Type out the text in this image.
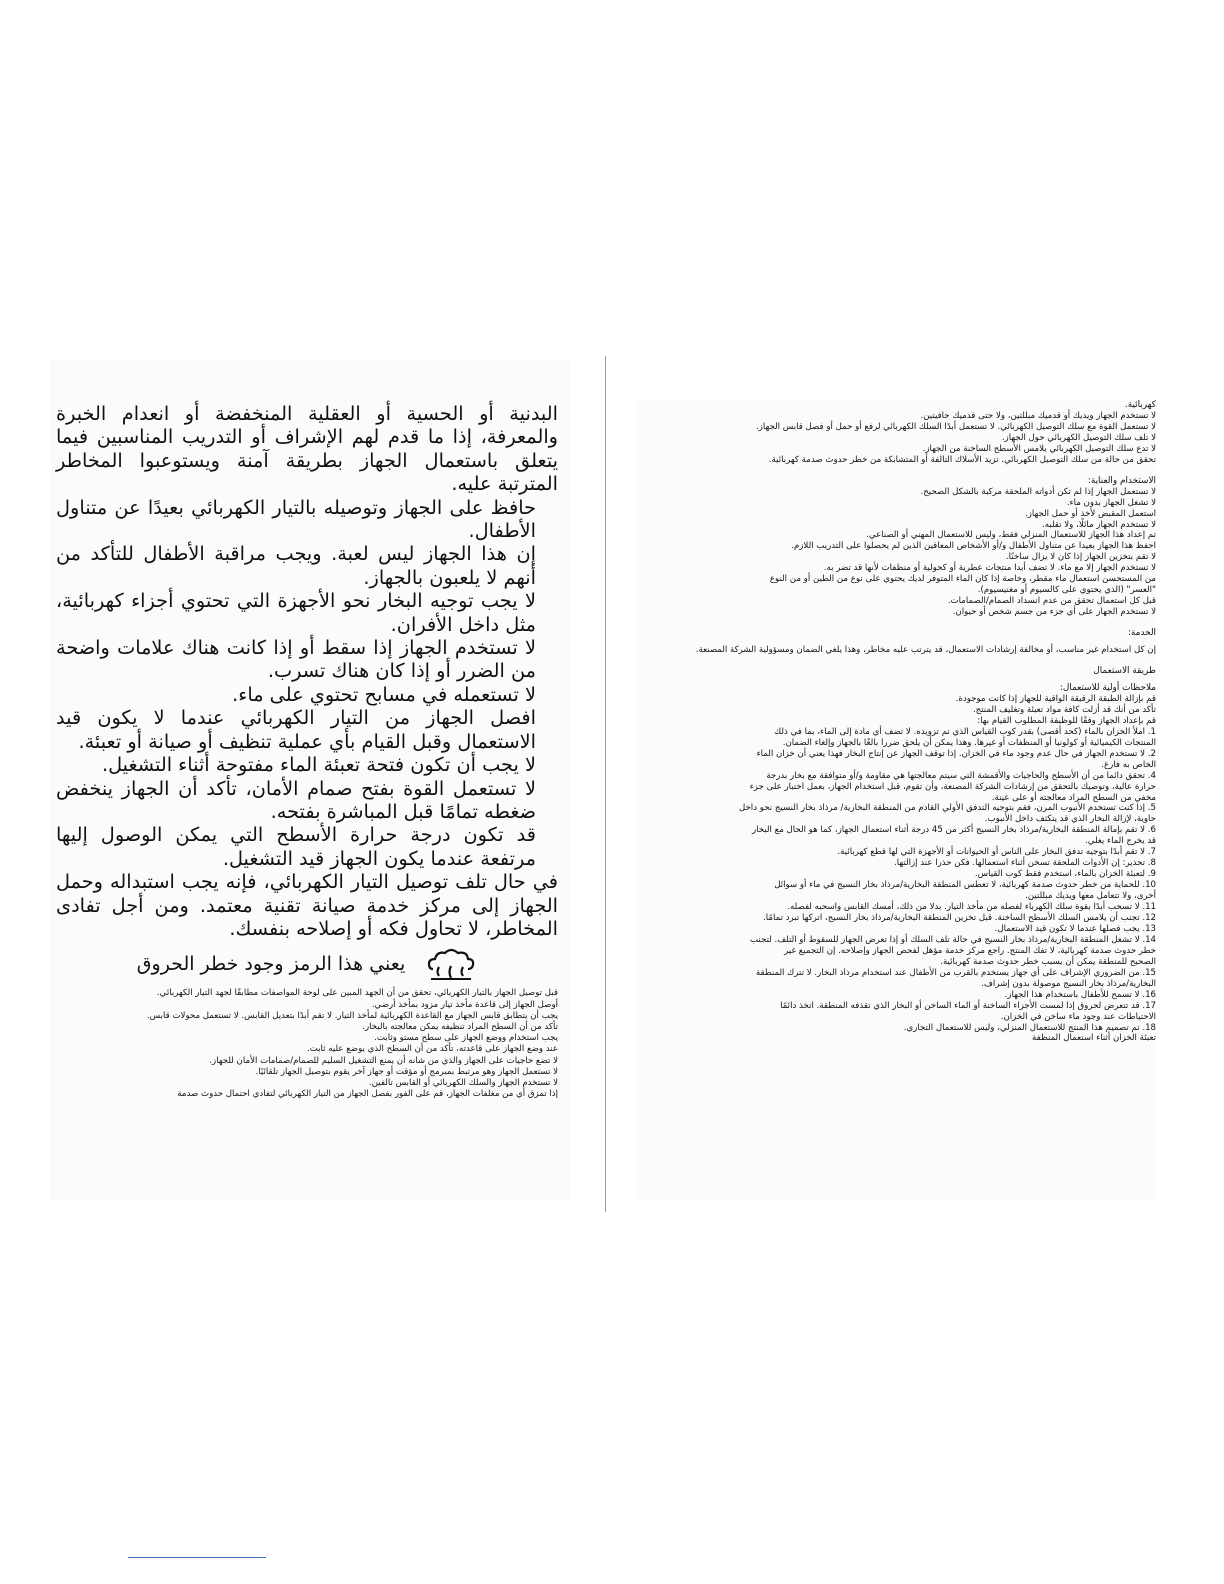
البدنية أو الحسية أو العقلية المنخفضة أو انعدام الخبرة والمعرفة، إذا ما قدم لهم الإشراف أو التدريب المناسبين فيما يتعلق باستعمال الجهاز بطريقة آمنة ويستوعبوا المخاطر المترتبة عليه.

حافظ على الجهاز وتوصيله بالتيار الكهربائي بعيدًا عن متناول الأطفال.

إن هذا الجهاز ليس لعبة. ويجب مراقبة الأطفال للتأكد من أنهم لا يلعبون بالجهاز.

لا يجب توجيه البخار نحو الأجهزة التي تحتوي أجزاء كهربائية، مثل داخل الأفران.

لا تستخدم الجهاز إذا سقط أو إذا كانت هناك علامات واضحة من الضرر أو إذا كان هناك تسرب.

لا تستعمله في مسابح تحتوي على ماء.

افصل الجهاز من التيار الكهربائي عندما لا يكون قيد الاستعمال وقبل القيام بأي عملية تنظيف أو صيانة أو تعبئة.

لا يجب أن تكون فتحة تعبئة الماء مفتوحة أثناء التشغيل.

لا تستعمل القوة بفتح صمام الأمان، تأكد أن الجهاز ينخفض ضغطه تمامًا قبل المباشرة بفتحه.

قد تكون درجة حرارة الأسطح التي يمكن الوصول إليها مرتفعة عندما يكون الجهاز قيد التشغيل.

في حال تلف توصيل التيار الكهربائي، فإنه يجب استبداله وحمل الجهاز إلى مركز خدمة صيانة تقنية معتمد. ومن أجل تفادى المخاطر، لا تحاول فكه أو إصلاحه بنفسك.

يعني هذا الرمز وجود خطر الحروق

قبل توصيل الجهاز بالتيار الكهربائي، تحقق من أن الجهد المبين على لوحة المواصفات مطابقًا لجهد التيار الكهربائي.

أوصل الجهاز إلى قاعدة مأخذ تيار مزود بمأخذ أرضي.

يجب أن يتطابق قابس الجهاز مع القاعدة الكهربائية لمأخذ التيار. لا تقم أبدًا بتعديل القابس. لا تستعمل محولات قابس.

تأكد من أن السطح المراد تنظيفه يمكن معالجته بالبخار.

يجب استخدام ووضع الجهاز على سطح مستو وثابت.

عند وضع الجهاز على قاعدته، تأكد من أن السطح الذي يوضع عليه ثابت.

لا تضع حاجيات على الجهاز والذي من شانه أن يمنع التشغيل السليم للصمام/صمامات الأمان للجهاز.

لا تستعمل الجهاز وهو مرتبط بمبرمج أو مؤقت أو جهاز آخر يقوم بتوصيل الجهاز تلقائيًا.

لا تستخدم الجهاز والسلك الكهربائي أو القابس تالفين.

إذا تمزق أي من مغلفات الجهاز، قم على الفور بفصل الجهاز من التيار الكهربائي لتفادي احتمال حدوث صدمة

كهربائية.

لا تستخدم الجهاز ويديك أو قدميك مبللتين، ولا حتى قدميك حافيتين.

لا تستعمل القوة مع سلك التوصيل الكهربائي. لا تستعمل أبدًا السلك الكهربائي لرفع أو حمل أو فصل قابس الجهاز.

لا تلف سلك التوصيل الكهربائي حول الجهاز.

لا تدع سلك التوصيل الكهربائي يلامس الأسطح الساخنة من الجهاز.

تحقق من حالة من سلك التوصيل الكهربائي. تزيد الأسلاك التالفة أو المتشابكة من خطر حدوث صدمة كهربائية.

الاستخدام والعناية:

لا تستعمل الجهاز إذا لم تكن أدواته الملحقة مركبة بالشكل الصحيح.

لا تشغل الجهاز بدون ماء.

استعمل المقبض لأخذ أو حمل الجهاز.

لا تستخدم الجهاز مائلًا، ولا تقلبه.

تم إعداد هذا الجهاز للاستعمال المنزلي فقط، وليس للاستعمال المهني أو الصناعي.

احفظ هذا الجهاز بعيدا عن متناول الأطفال و/أو الأشخاص المعاقين الذين لم يحصلوا على التدريب اللازم.

لا تقم بتخزين الجهاز إذا كان لا يزال ساخنًا.

لا تستخدم الجهاز إلا مع ماء. لا تضف أبدا منتجات عطرية أو كحولية أو منظفات لأنها قد تضر به.

من المستحسن استعمال ماء مقطر، وخاصة إذا كان الماء المتوفر لديك يحتوي على نوع من الطين أو من النوع

"العسر" (الذي يحتوي على كالسيوم أو مغنيسيوم).

قبل كل استعمال تحقق من عدم انسداد الصمام/الصمامات.

لا تستخدم الجهاز على أي جزء من جسم شخص أو حيوان.

الخدمة:

إن كل استخدام غير مناسب، أو مخالفة إرشادات الاستعمال، قد يترتب عليه مخاطر، وهذا يلغي الضمان ومسؤولية الشركة المصنعة.

طريقة الاستعمال

ملاحظات أولية للاستعمال:

قم بإزالة الطبقة الرقيقة الواقية للجهاز إذا كانت موجودة.

تأكد من أنك قد أزلت كافة مواد تعبئة وتغليف المنتج.

قم بإعداد الجهاز وفقًا للوظيفة المطلوب القيام بها:

1. املأ الخزان بالماء (كحد أقصى) بقدر كوب القياس الذي تم تزويده. لا تضف أي مادة إلى الماء، بما في ذلك

المنتجات الكيميائية أو كولونيا أو المنظفات أو غيرها. وهذا يمكن أن يلحق ضررا بالغًا بالجهاز وإلغاء الضمان.

2. لا تستخدم الجهاز في حال عدم وجود ماء في الخزان. إذا توقف الجهاز عن إنتاج البخار فهذا يعني أن خزان الماء

الخاص به فارغ.

4. تحقق دائما من أن الأسطح والحاجيات والأقمشة التي سيتم معالجتها هي مقاومة و/أو متوافقة مع بخار بدرجة

حرارة عالية، وتوصيك بالتحقق من إرشادات الشركة المصنعة، وأن تقوم، قبل استخدام الجهاز، بعمل اختبار على جزء

مخفي من السطح المراد معالجته أو على عينة.

5. إذا كنت تستخدم الأنبوب المرن، فقم بتوجيه التدفق الأولي القادم من المنطقة البخارية/ مرذاذ بخار النسيج نحو داخل

حاوية، لإزالة البخار الذي قد يتكثف داخل الأنبوب.

6. لا تقم بإمالة المنطقة البخارية/مرذاذ بخار النسيج أكثر من 45 درجة أثناء استعمال الجهاز، كما هو الحال مع البخار

قد يخرج الماء يغلي.

7. لا تقم أبدًا بتوجيه تدفق البخار على الناس أو الحيوانات أو الأجهزة التي لها قطع كهربائية.

8. تحذير: إن الأدوات الملحقة تسخن أثناء استعمالها. فكن حذرا عند إزالتها.

9. لتعبئة الخزان بالماء، استخدم فقط كوب القياس.

10. للحماية من خطر حدوث صدمة كهربائية، لا تغطس المنطقة البخارية/مرذاذ بخار النسيج في ماء أو سوائل

أخرى، ولا تتعامل معها ويديك مبللتين.

11. لا تسحب أبدًا بقوة سلك الكهرباء لفصله من مأخذ التيار. بدلا من ذلك، أمسك القابس واسحبه لفصله.

12. تجنب أن يلامس السلك الأسطح الساخنة. قبل تخزين المنطقة البخارية/مرذاذ بخار النسيج، اتركها تبرد تمامًا.

13. يجب فصلها عندما لا تكون قيد الاستعمال.

14. لا تشغل المنطقة البخارية/مرذاذ بخار النسيج في حالة تلف السلك أو إذا تعرض الجهاز للسقوط أو التلف. لتجنب

خطر حدوث صدمة كهربائية، لا تفك المنتج. راجع مركز خدمة مؤهل لفحص الجهاز وإصلاحه. إن التجميع غير

الصحيح للمنطقة يمكن أن يسبب خطر حدوث صدمة كهربائية.

15. من الضروري الإشراف على أي جهاز يستخدم بالقرب من الأطفال عند استخدام مرذاذ البخار. لا تترك المنطقة

البخارية/مرذاذ بخار النسيج موصولة بدون إشراف.

16. لا تسمح للأطفال باستخدام هذا الجهاز.

17. قد تتعرض لحروق إذا لمست الأجزاء الساخنة أو الماء الساخن أو البخار الذي تقذفه المنطقة. اتخذ دائمًا

الاحتياطات عند وجود ماء ساخن في الخزان.

18. تم تصميم هذا المنتج للاستعمال المنزلي، وليس للاستعمال التجاري.

تعبئة الخزان أثناء استعمال المنظفة
